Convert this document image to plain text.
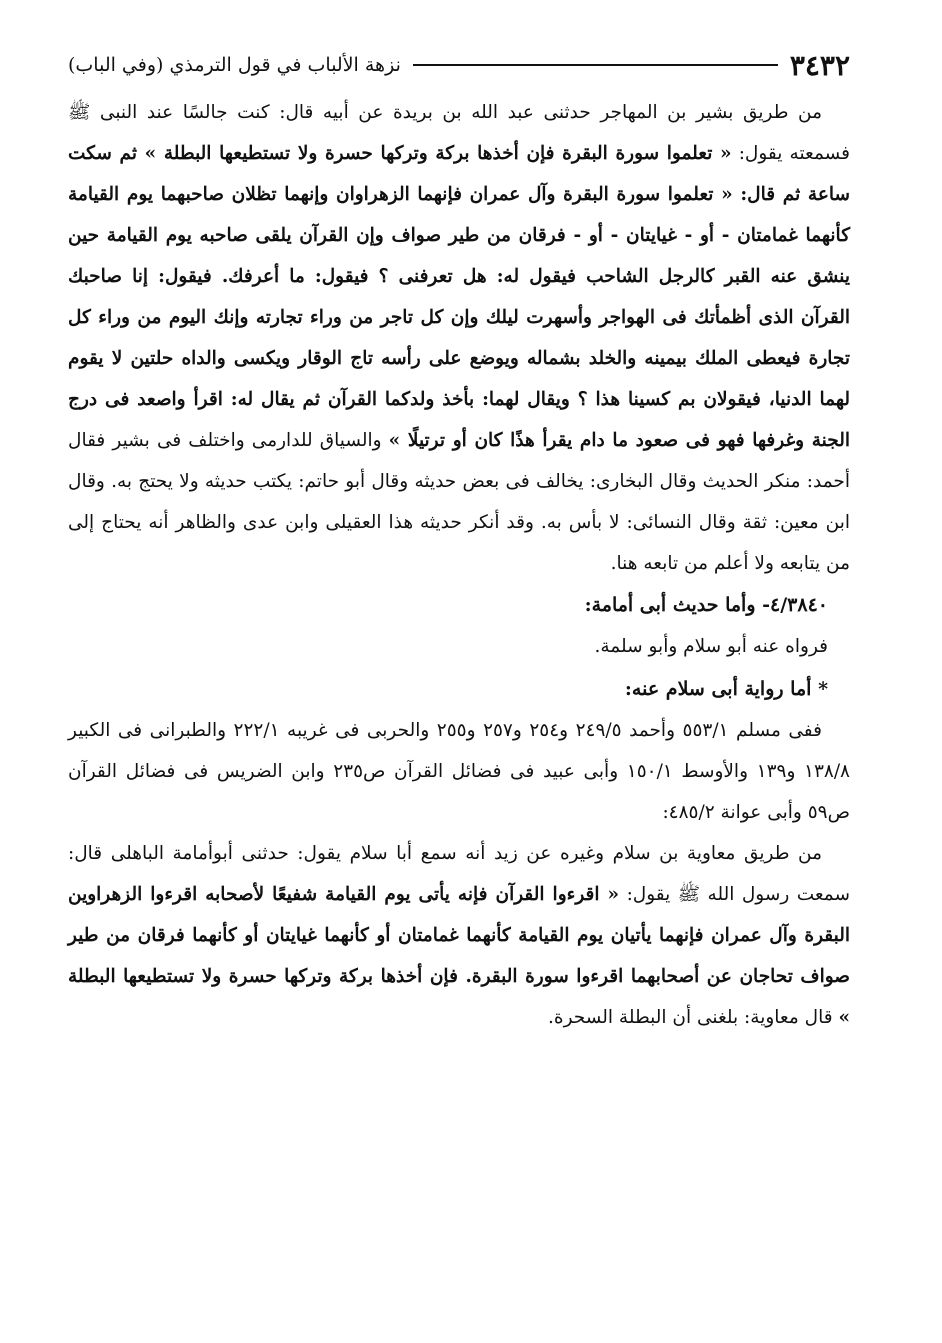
٣٤٣٢
نزهة الألباب في قول الترمذي (وفي الباب)

من طريق بشير بن المهاجر حدثنى عبد الله بن بريدة عن أبيه قال: كنت جالسًا عند النبى ﷺ فسمعته يقول: « تعلموا سورة البقرة فإن أخذها بركة وتركها حسرة ولا تستطيعها البطلة » ثم سكت ساعة ثم قال: « تعلموا سورة البقرة وآل عمران فإنهما الزهراوان وإنهما تظلان صاحبهما يوم القيامة كأنهما غمامتان - أو - غيايتان - أو - فرقان من طير صواف وإن القرآن يلقى صاحبه يوم القيامة حين ينشق عنه القبر كالرجل الشاحب فيقول له: هل تعرفنى ؟ فيقول: ما أعرفك. فيقول: إنا صاحبك القرآن الذى أظمأتك فى الهواجر وأسهرت ليلك وإن كل تاجر من وراء تجارته وإنك اليوم من وراء كل تجارة فيعطى الملك بيمينه والخلد بشماله ويوضع على رأسه تاج الوقار ويكسى والداه حلتين لا يقوم لهما الدنيا، فيقولان بم كسينا هذا ؟ ويقال لهما: بأخذ ولدكما القرآن ثم يقال له: اقرأ واصعد فى درج الجنة وغرفها فهو فى صعود ما دام يقرأ هذًا كان أو ترتيلًا » والسياق للدارمى واختلف فى بشير فقال أحمد: منكر الحديث وقال البخارى: يخالف فى بعض حديثه وقال أبو حاتم: يكتب حديثه ولا يحتج به. وقال ابن معين: ثقة وقال النسائى: لا بأس به. وقد أنكر حديثه هذا العقيلى وابن عدى والظاهر أنه يحتاج إلى من يتابعه ولا أعلم من تابعه هنا.

٤/٣٨٤٠- وأما حديث أبى أمامة:

فرواه عنه أبو سلام وأبو سلمة.

* أما رواية أبى سلام عنه:

ففى مسلم ٥٥٣/١ وأحمد ٢٤٩/٥ و٢٥٤ و٢٥٧ و٢٥٥ والحربى فى غريبه ٢٢٢/١ والطبرانى فى الكبير ١٣٨/٨ و١٣٩ والأوسط ١٥٠/١ وأبى عبيد فى فضائل القرآن ص٢٣٥ وابن الضريس فى فضائل القرآن ص٥٩ وأبى عوانة ٤٨٥/٢:

من طريق معاوية بن سلام وغيره عن زيد أنه سمع أبا سلام يقول: حدثنى أبوأمامة الباهلى قال: سمعت رسول الله ﷺ يقول: « اقرءوا القرآن فإنه يأتى يوم القيامة شفيعًا لأصحابه اقرءوا الزهراوين البقرة وآل عمران فإنهما يأتيان يوم القيامة كأنهما غمامتان أو كأنهما غيايتان أو كأنهما فرقان من طير صواف تحاجان عن أصحابهما اقرءوا سورة البقرة. فإن أخذها بركة وتركها حسرة ولا تستطيعها البطلة » قال معاوية: بلغنى أن البطلة السحرة.
